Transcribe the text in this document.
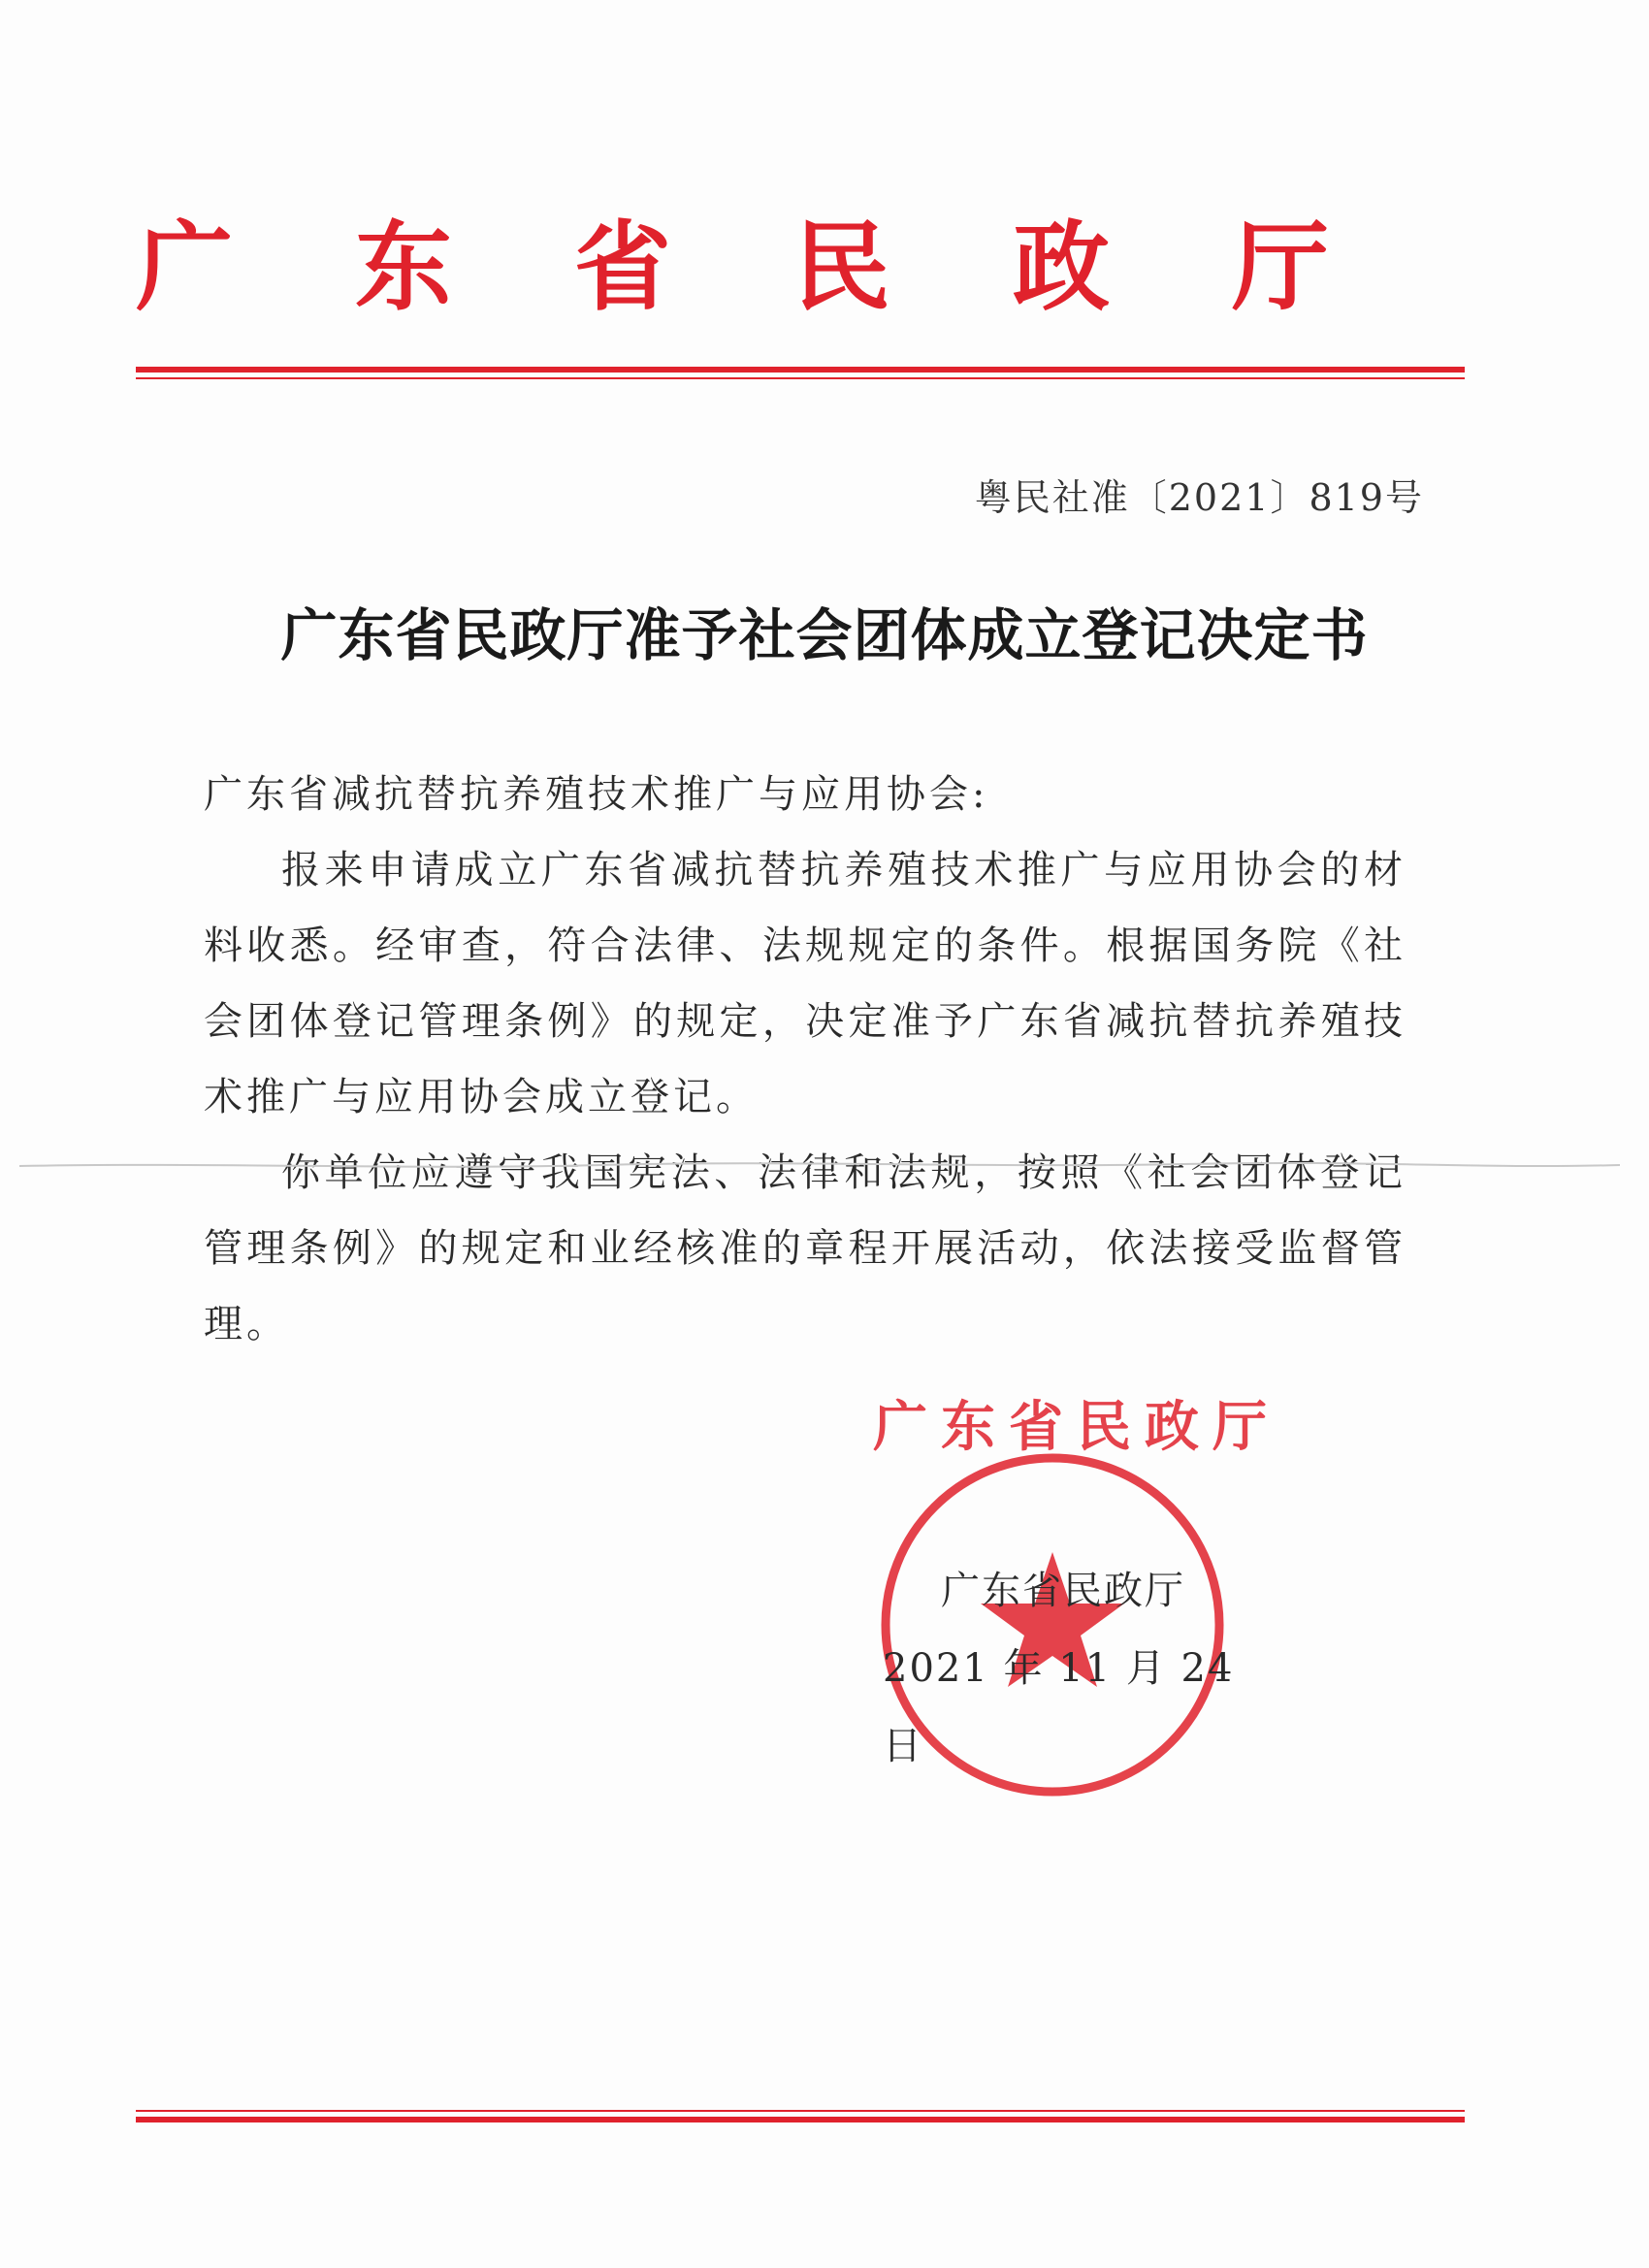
广 东 省 民 政 厅
粤民社准〔2021〕819号
广东省民政厅准予社会团体成立登记决定书

广东省减抗替抗养殖技术推广与应用协会:

报来申请成立广东省减抗替抗养殖技术推广与应用协会的材料收悉。经审查，符合法律、法规规定的条件。根据国务院《社会团体登记管理条例》的规定，决定准予广东省减抗替抗养殖技术推广与应用协会成立登记。

你单位应遵守我国宪法、法律和法规，按照《社会团体登记管理条例》的规定和业经核准的章程开展活动，依法接受监督管理。

广东省民政厅
广东省民政厅
2021 年 11 月 24 日
